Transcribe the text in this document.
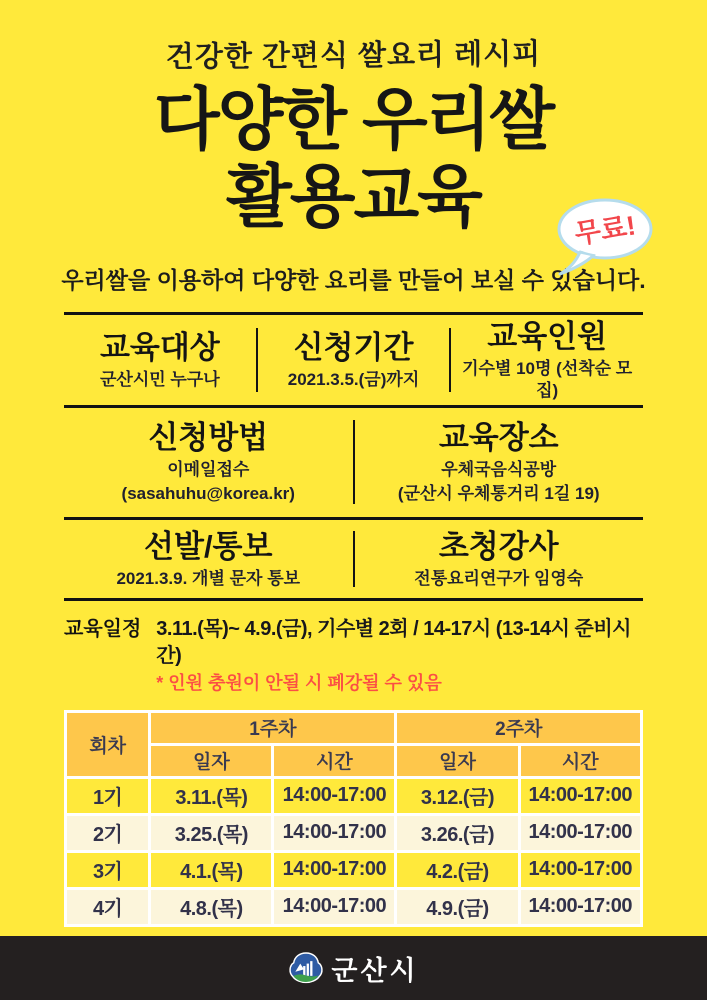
건강한 간편식 쌀요리 레시피
다양한 우리쌀
활용교육	무료!
우리쌀을 이용하여 다양한 요리를 만들어 보실 수 있습니다.
교육대상
군산시민 누구나
신청기간
2021.3.5.(금)까지
교육인원
기수별 10명 (선착순 모집)
신청방법
이메일접수
(sasahuhu@korea.kr)
교육장소
우체국음식공방
(군산시 우체통거리 1길 19)
선발/통보
2021.3.9. 개별 문자 통보
초청강사
전통요리연구가 임영숙
교육일정 3.11.(목)~ 4.9.(금), 기수별 2회 / 14-17시 (13-14시 준비시간)
* 인원 충원이 안될 시 폐강될 수 있음
회차
1주차	2주차
일자	시간	일자	시간
1기	3.11.(목)	14:00-17:00	3.12.(금)	14:00-17:00
2기	3.25.(목)	14:00-17:00	3.26.(금)	14:00-17:00
3기	4.1.(목)	14:00-17:00	4.2.(금)	14:00-17:00
4기	4.8.(목)	14:00-17:00	4.9.(금)	14:00-17:00
군산시
